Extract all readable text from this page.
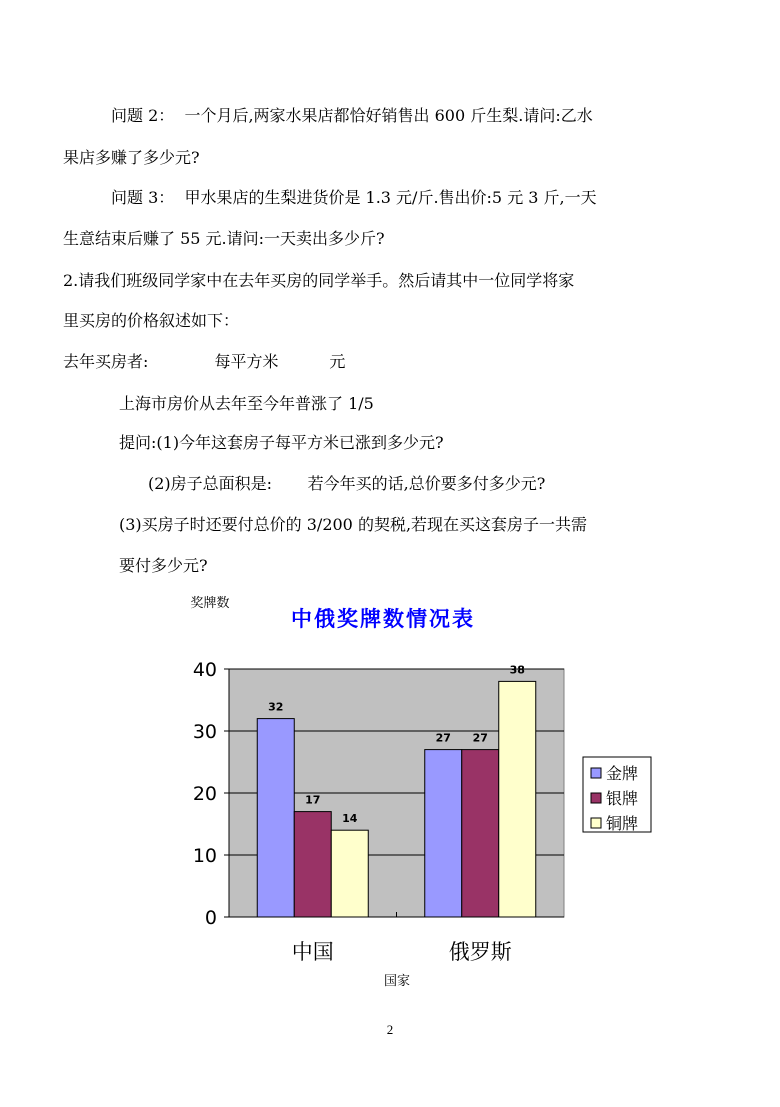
问题 2：  一个月后,两家水果店都恰好销售出 600 斤生梨.请问:乙水
果店多赚了多少元?
问题 3：  甲水果店的生梨进货价是 1.3 元/斤.售出价:5 元 3 斤,一天
生意结束后赚了 55 元.请问:一天卖出多少斤?
2.请我们班级同学家中在去年买房的同学举手。然后请其中一位同学将家
里买房的价格叙述如下：
去年买房者:             每平方米          元
上海市房价从去年至今年普涨了 1/5
提问:(1)今年这套房子每平方米已涨到多少元?
(2)房子总面积是:       若今年买的话,总价要多付多少元?
(3)买房子时还要付总价的 3/200 的契税,若现在买这套房子一共需
要付多少元?
中俄奖牌数情况表
奖牌数
国家
0
10
20
30
40
32
17
14
中国
27 27
38
俄罗斯
金牌
银牌
铜牌
2
